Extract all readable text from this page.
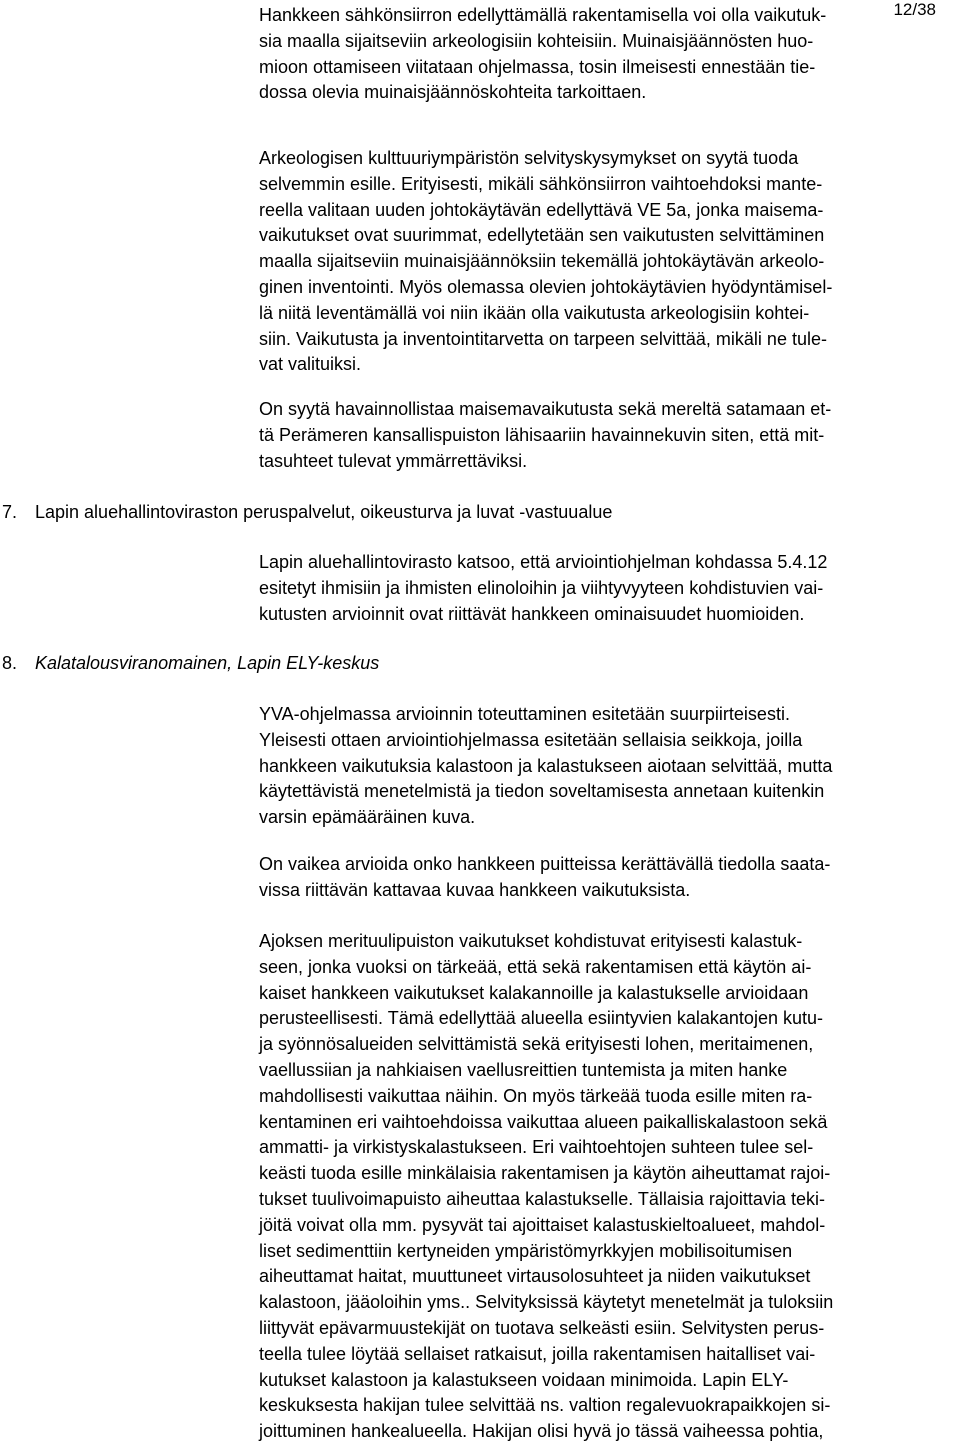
12/38
Hankkeen sähkönsiirron edellyttämällä rakentamisella voi olla vaikutuk-
sia maalla sijaitseviin arkeologisiin kohteisiin. Muinaisjäännösten huo-
mioon ottamiseen viitataan ohjelmassa, tosin ilmeisesti ennestään tie-
dossa olevia muinaisjäännöskohteita tarkoittaen.
Arkeologisen kulttuuriympäristön selvityskysymykset on syytä tuoda
selvemmin esille. Erityisesti, mikäli sähkönsiirron vaihtoehdoksi mante-
reella valitaan uuden johtokäytävän edellyttävä VE 5a, jonka maisema-
vaikutukset ovat suurimmat, edellytetään sen vaikutusten selvittäminen
maalla sijaitseviin muinaisjäännöksiin tekemällä johtokäytävän arkeolo-
ginen inventointi. Myös olemassa olevien johtokäytävien hyödyntämisel-
lä niitä leventämällä voi niin ikään olla vaikutusta arkeologisiin kohtei-
siin. Vaikutusta ja inventointitarvetta on tarpeen selvittää, mikäli ne tule-
vat valituiksi.
On syytä havainnollistaa maisemavaikutusta sekä mereltä satamaan et-
tä Perämeren kansallispuiston lähisaariin havainnekuvin siten, että mit-
tasuhteet tulevat ymmärrettäviksi.
7. Lapin aluehallintoviraston peruspalvelut, oikeusturva ja luvat -vastuualue
Lapin aluehallintovirasto katsoo, että arviointiohjelman kohdassa 5.4.12
esitetyt ihmisiin ja ihmisten elinoloihin ja viihtyvyyteen kohdistuvien vai-
kutusten arvioinnit ovat riittävät hankkeen ominaisuudet huomioiden.
8. Kalatalousviranomainen, Lapin ELY-keskus
YVA-ohjelmassa arvioinnin toteuttaminen esitetään suurpiirteisesti.
Yleisesti ottaen arviointiohjelmassa esitetään sellaisia seikkoja, joilla
hankkeen vaikutuksia kalastoon ja kalastukseen aiotaan selvittää, mutta
käytettävistä menetelmistä ja tiedon soveltamisesta annetaan kuitenkin
varsin epämääräinen kuva.
On vaikea arvioida onko hankkeen puitteissa kerättävällä tiedolla saata-
vissa riittävän kattavaa kuvaa hankkeen vaikutuksista.
Ajoksen merituulipuiston vaikutukset kohdistuvat erityisesti kalastuk-
seen, jonka vuoksi on tärkeää, että sekä rakentamisen että käytön ai-
kaiset hankkeen vaikutukset kalakannoille ja kalastukselle arvioidaan
perusteellisesti. Tämä edellyttää alueella esiintyvien kalakantojen kutu-
ja syönnösalueiden selvittämistä sekä erityisesti lohen, meritaimenen,
vaellussiian ja nahkiaisen vaellusreittien tuntemista ja miten hanke
mahdollisesti vaikuttaa näihin. On myös tärkeää tuoda esille miten ra-
kentaminen eri vaihtoehdoissa vaikuttaa alueen paikalliskalastoon sekä
ammatti- ja virkistyskalastukseen. Eri vaihtoehtojen suhteen tulee sel-
keästi tuoda esille minkälaisia rakentamisen ja käytön aiheuttamat rajoi-
tukset tuulivoimapuisto aiheuttaa kalastukselle. Tällaisia rajoittavia teki-
jöitä voivat olla mm. pysyvät tai ajoittaiset kalastuskieltoalueet, mahdol-
liset sedimenttiin kertyneiden ympäristömyrkkyjen mobilisoitumisen
aiheuttamat haitat, muuttuneet virtausolosuhteet ja niiden vaikutukset
kalastoon, jääoloihin yms.. Selvityksissä käytetyt menetelmät ja tuloksiin
liittyvät epävarmuustekijät on tuotava selkeästi esiin. Selvitysten perus-
teella tulee löytää sellaiset ratkaisut, joilla rakentamisen haitalliset vai-
kutukset kalastoon ja kalastukseen voidaan minimoida. Lapin ELY-
keskuksesta hakijan tulee selvittää ns. valtion regalevuokrapaikkojen si-
joittuminen hankealueella. Hakijan olisi hyvä jo tässä vaiheessa pohtia,
